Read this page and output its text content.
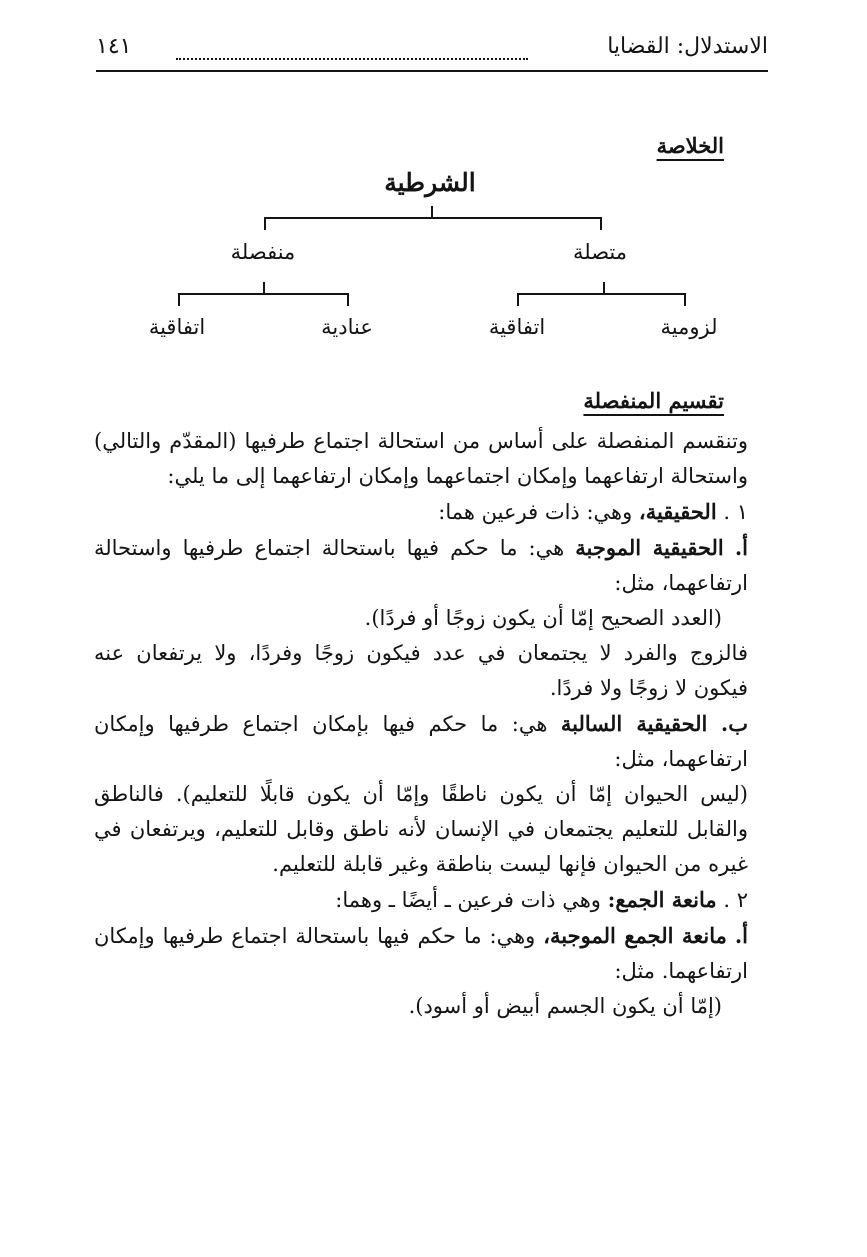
الاستدلال: القضايا
١٤١
الخلاصة
الشرطية
متصلة
منفصلة
لزومية
اتفاقية
عنادية
اتفاقية
تقسيم المنفصلة

وتنقسم المنفصلة على أساس من استحالة اجتماع طرفيها (المقدّم والتالي) واستحالة ارتفاعهما وإمكان اجتماعهما وإمكان ارتفاعهما إلى ما يلي:

١ . الحقيقية، وهي: ذات فرعين هما:

أ. الحقيقية الموجبة هي: ما حكم فيها باستحالة اجتماع طرفيها واستحالة ارتفاعهما، مثل:

(العدد الصحيح إمّا أن يكون زوجًا أو فردًا).

فالزوج والفرد لا يجتمعان في عدد فيكون زوجًا وفردًا، ولا يرتفعان عنه فيكون لا زوجًا ولا فردًا.

ب. الحقيقية السالبة هي: ما حكم فيها بإمكان اجتماع طرفيها وإمكان ارتفاعهما، مثل:

(ليس الحيوان إمّا أن يكون ناطقًا وإمّا أن يكون قابلًا للتعليم). فالناطق والقابل للتعليم يجتمعان في الإنسان لأنه ناطق وقابل للتعليم، ويرتفعان في غيره من الحيوان فإنها ليست بناطقة وغير قابلة للتعليم.

٢ . مانعة الجمع: وهي ذات فرعين ـ أيضًا ـ وهما:

أ. مانعة الجمع الموجبة، وهي: ما حكم فيها باستحالة اجتماع طرفيها وإمكان ارتفاعهما. مثل:

(إمّا أن يكون الجسم أبيض أو أسود).
